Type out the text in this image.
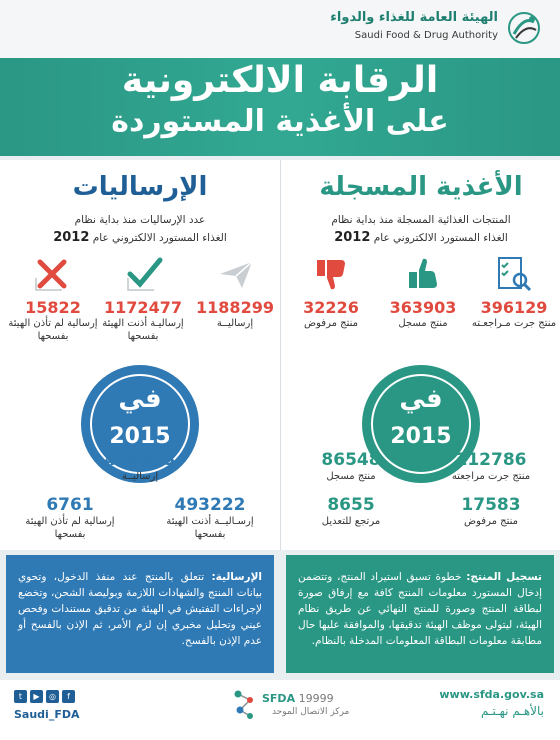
الهيئة العامة للغذاء والدواء
Saudi Food & Drug Authority
الرقابة الالكترونية
على الأغذية المستوردة
الإرساليات
عدد الإرساليات منذ بداية نظام
الغذاء المستورد الالكتروني عام 2012
1188299
إرساليــة
1172477
إرساليـة أذنت الهيئة بفسحها
15822
إرسالية لم تأذن الهيئة بفسحها
في
2015
499983
إرساليــة
493222
إرسـاليــة أذنت الهيئة بفسحها
6761
إرسالية لم تأذن الهيئة بفسحها
الأغذية المسجلة
المنتجات الغذائية المسجلة منذ بداية نظام
الغذاء المستورد الالكتروني عام 2012
32226
منتج مرفوض
363903
منتج مسجل
396129
منتج جرت مـراجعـته
في
2015
86548
منتج مسجل
112786
منتج جرت مراجعته
8655
مرتجع للتعديل
17583
منتج مرفوض
الإرسالية: تتعلق بالمنتج عند منفذ الدخول، وتحوي بيانات المنتج والشهادات اللازمة وبوليصة الشحن، وتخضع لإجراءات التفتيش في الهيئة من تدقيق مستندات وفحص عيني وتحليل مخبري إن لزم الأمر، ثم الإذن بالفسح أو عدم الإذن بالفسح.
تسجيل المنتج: خطوة تسبق استيراد المنتج، وتتضمن إدخال المستورد معلومات المنتج كافة مع إرفاق صورة لبطاقة المنتج وصورة للمنتج النهائي عن طريق نظام الهيئة، ليتولى موظف الهيئة تدقيقها، والموافقة عليها حال مطابقة معلومات البطاقة المعلومات المدخلة بالنظام.
www.sfda.gov.sa
بالأهـم نهـتـم
SFDA 19999
مركز الاتصال الموحد
t	▶	◎	f
Saudi_FDA
